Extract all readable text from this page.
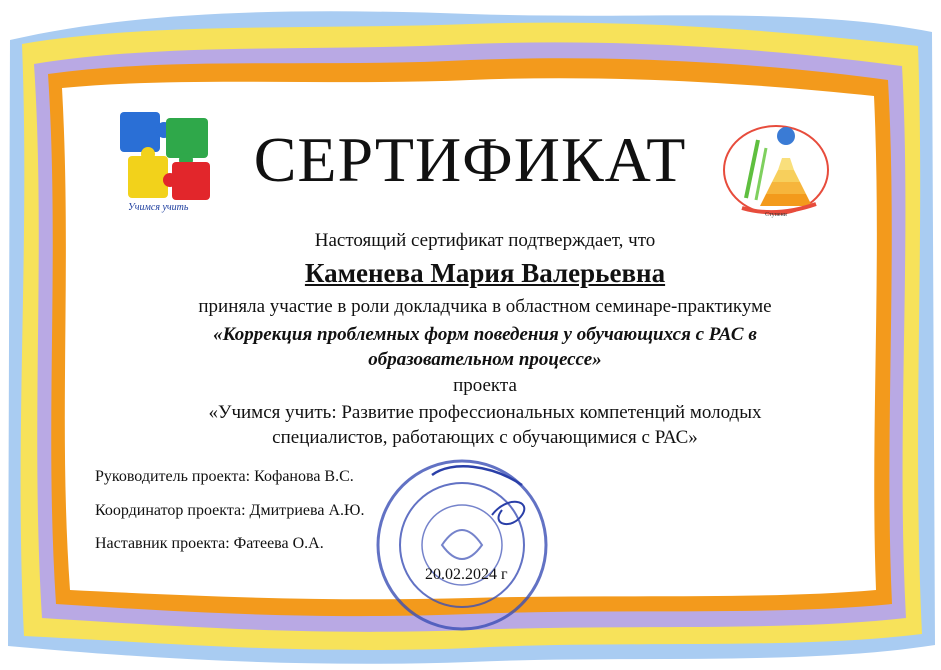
Учимся учить
Ступени
СЕРТИФИКАТ
Настоящий сертификат подтверждает, что
Каменева Мария Валерьевна
приняла участие в роли докладчика в областном семинаре-практикуме
«Коррекция проблемных форм поведения у обучающихся с РАС в образовательном процессе»
проекта
«Учимся учить: Развитие профессиональных компетенций молодых специалистов, работающих с обучающимися с РАС»
Руководитель проекта: Кофанова В.С.
Координатор проекта: Дмитриева А.Ю.
Наставник проекта: Фатеева О.А.
20.02.2024 г
